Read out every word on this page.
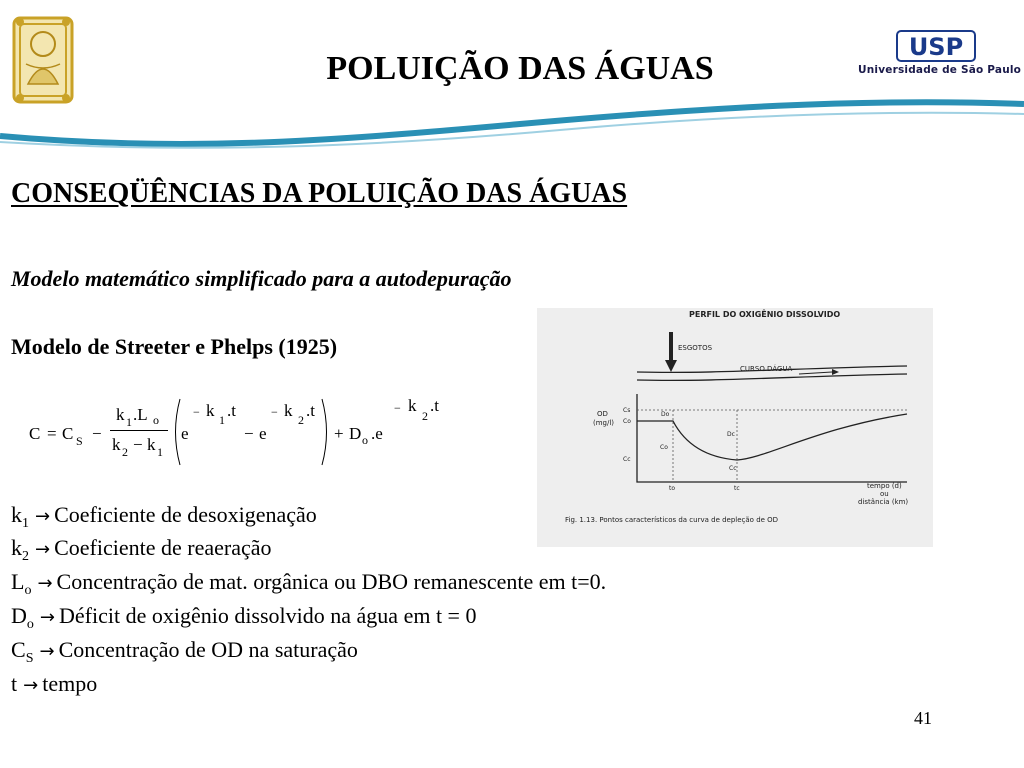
USP
Universidade de São Paulo
POLUIÇÃO DAS ÁGUAS
CONSEQÜÊNCIAS DA POLUIÇÃO DAS ÁGUAS
Modelo matemático simplificado para a autodepuração
Modelo de Streeter e Phelps (1925)
C = C S −
k 1 .L o
k 2 − k 1
e
− k 1 .t
− e
− k 2 .t
+ D o .e
− k
2
.t
$k_1$ → Coeficiente de desoxigenação
$k_2$ → Coeficiente de reaeração
$L_o$ → Concentração de mat. orgânica ou DBO remanescente em t=0.
$D_o$ → Déficit de oxigênio dissolvido na água em t = 0
$C_S$ → Concentração de OD na saturação
t → tempo
PERFIL DO OXIGÊNIO DISSOLVIDO
ESGOTOS
CURSO DÁGUA
OD
(mg/l)
Cs
Co
Cc
Do
Dc
Co
Cc
to	tc	tempo (d)
ou
distância (km)
Fig. 1.13. Pontos característicos da curva de depleção de OD
41
